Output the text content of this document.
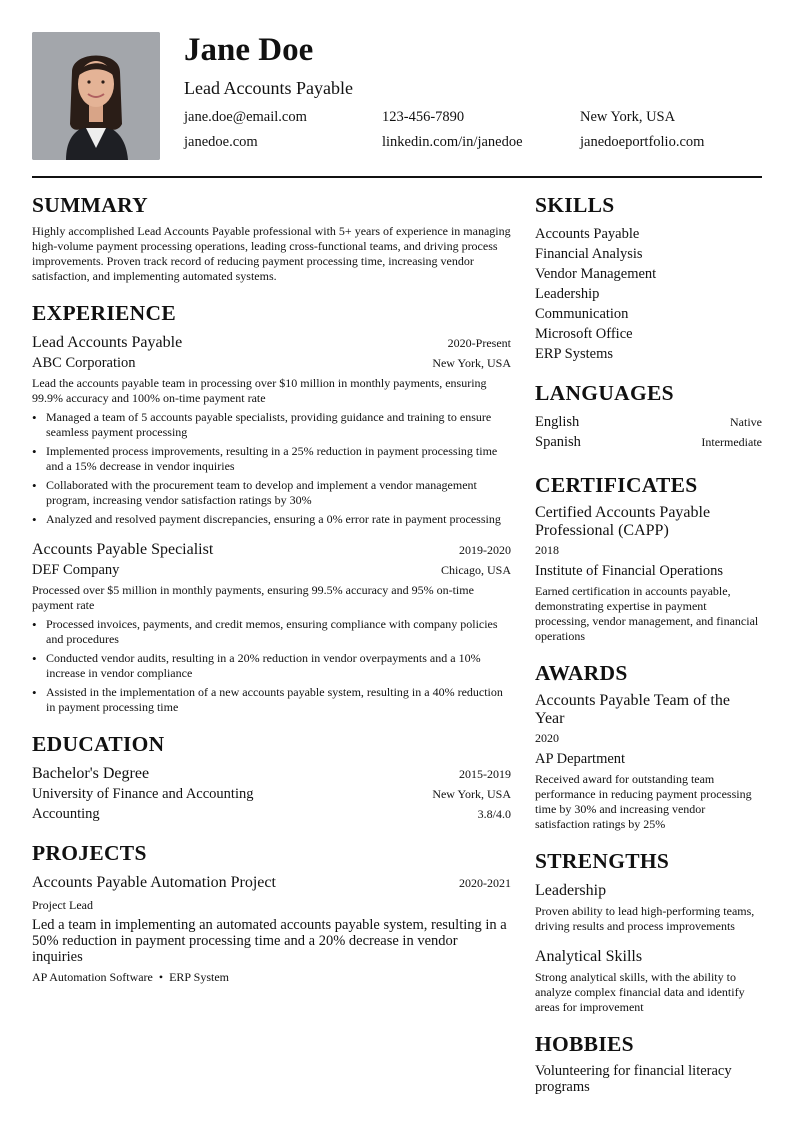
Jane Doe
Lead Accounts Payable
jane.doe@email.com	123-456-7890	New York, USA
janedoe.com	linkedin.com/in/janedoe	janedoeportfolio.com
SUMMARY
Highly accomplished Lead Accounts Payable professional with 5+ years of experience in managing high-volume payment processing operations, leading cross-functional teams, and driving process improvements. Proven track record of reducing payment processing time, increasing vendor satisfaction, and implementing automated systems.
EXPERIENCE
Lead Accounts Payable	2020-Present
ABC Corporation	New York, USA
Lead the accounts payable team in processing over $10 million in monthly payments, ensuring 99.9% accuracy and 100% on-time payment rate
• Managed a team of 5 accounts payable specialists, providing guidance and training to ensure seamless payment processing
• Implemented process improvements, resulting in a 25% reduction in payment processing time and a 15% decrease in vendor inquiries
• Collaborated with the procurement team to develop and implement a vendor management program, increasing vendor satisfaction ratings by 30%
• Analyzed and resolved payment discrepancies, ensuring a 0% error rate in payment processing
Accounts Payable Specialist	2019-2020
DEF Company	Chicago, USA
Processed over $5 million in monthly payments, ensuring 99.5% accuracy and 95% on-time payment rate
• Processed invoices, payments, and credit memos, ensuring compliance with company policies and procedures
• Conducted vendor audits, resulting in a 20% reduction in vendor overpayments and a 10% increase in vendor compliance
• Assisted in the implementation of a new accounts payable system, resulting in a 40% reduction in payment processing time
EDUCATION
Bachelor's Degree	2015-2019
University of Finance and Accounting	New York, USA
Accounting	3.8/4.0
PROJECTS
Accounts Payable Automation Project	2020-2021
Project Lead
Led a team in implementing an automated accounts payable system, resulting in a 50% reduction in payment processing time and a 20% decrease in vendor inquiries
AP Automation Software • ERP System
SKILLS
Accounts Payable
Financial Analysis
Vendor Management
Leadership
Communication
Microsoft Office
ERP Systems
LANGUAGES
English	Native
Spanish	Intermediate
CERTIFICATES
Certified Accounts Payable Professional (CAPP)
2018
Institute of Financial Operations
Earned certification in accounts payable, demonstrating expertise in payment processing, vendor management, and financial operations
AWARDS
Accounts Payable Team of the Year
2020
AP Department
Received award for outstanding team performance in reducing payment processing time by 30% and increasing vendor satisfaction ratings by 25%
STRENGTHS
Leadership
Proven ability to lead high-performing teams, driving results and process improvements
Analytical Skills
Strong analytical skills, with the ability to analyze complex financial data and identify areas for improvement
HOBBIES
Volunteering for financial literacy programs
